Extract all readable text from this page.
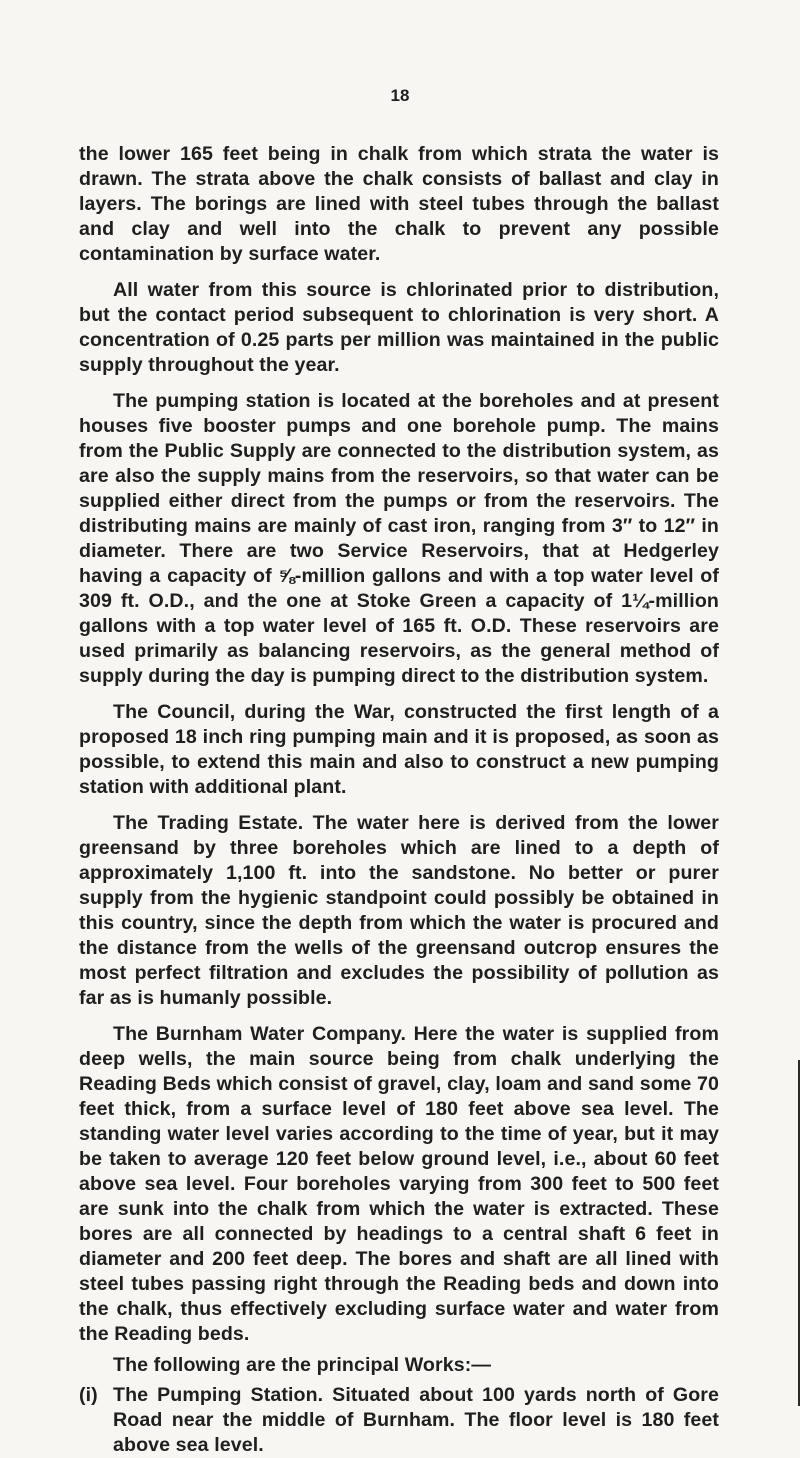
18

the lower 165 feet being in chalk from which strata the water is drawn. The strata above the chalk consists of ballast and clay in layers. The borings are lined with steel tubes through the ballast and clay and well into the chalk to prevent any possible contamination by surface water.

All water from this source is chlorinated prior to distribution, but the contact period subsequent to chlorination is very short. A concentration of 0.25 parts per million was maintained in the public supply throughout the year.

The pumping station is located at the boreholes and at present houses five booster pumps and one borehole pump. The mains from the Public Supply are connected to the distribution system, as are also the supply mains from the reservoirs, so that water can be supplied either direct from the pumps or from the reservoirs. The distributing mains are mainly of cast iron, ranging from 3″ to 12″ in diameter. There are two Service Reservoirs, that at Hedgerley having a capacity of ⅝-million gallons and with a top water level of 309 ft. O.D., and the one at Stoke Green a capacity of 1¼-million gallons with a top water level of 165 ft. O.D. These reservoirs are used primarily as balancing reservoirs, as the general method of supply during the day is pumping direct to the distribution system.

The Council, during the War, constructed the first length of a proposed 18 inch ring pumping main and it is proposed, as soon as possible, to extend this main and also to construct a new pumping station with additional plant.

The Trading Estate. The water here is derived from the lower greensand by three boreholes which are lined to a depth of approximately 1,100 ft. into the sandstone. No better or purer supply from the hygienic standpoint could possibly be obtained in this country, since the depth from which the water is procured and the distance from the wells of the greensand outcrop ensures the most perfect filtration and excludes the possibility of pollution as far as is humanly possible.

The Burnham Water Company. Here the water is supplied from deep wells, the main source being from chalk underlying the Reading Beds which consist of gravel, clay, loam and sand some 70 feet thick, from a surface level of 180 feet above sea level. The standing water level varies according to the time of year, but it may be taken to average 120 feet below ground level, i.e., about 60 feet above sea level. Four boreholes varying from 300 feet to 500 feet are sunk into the chalk from which the water is extracted. These bores are all connected by headings to a central shaft 6 feet in diameter and 200 feet deep. The bores and shaft are all lined with steel tubes passing right through the Reading beds and down into the chalk, thus effectively excluding surface water and water from the Reading beds.

The following are the principal Works:—

(i) The Pumping Station. Situated about 100 yards north of Gore Road near the middle of Burnham. The floor level is 180 feet above sea level.
